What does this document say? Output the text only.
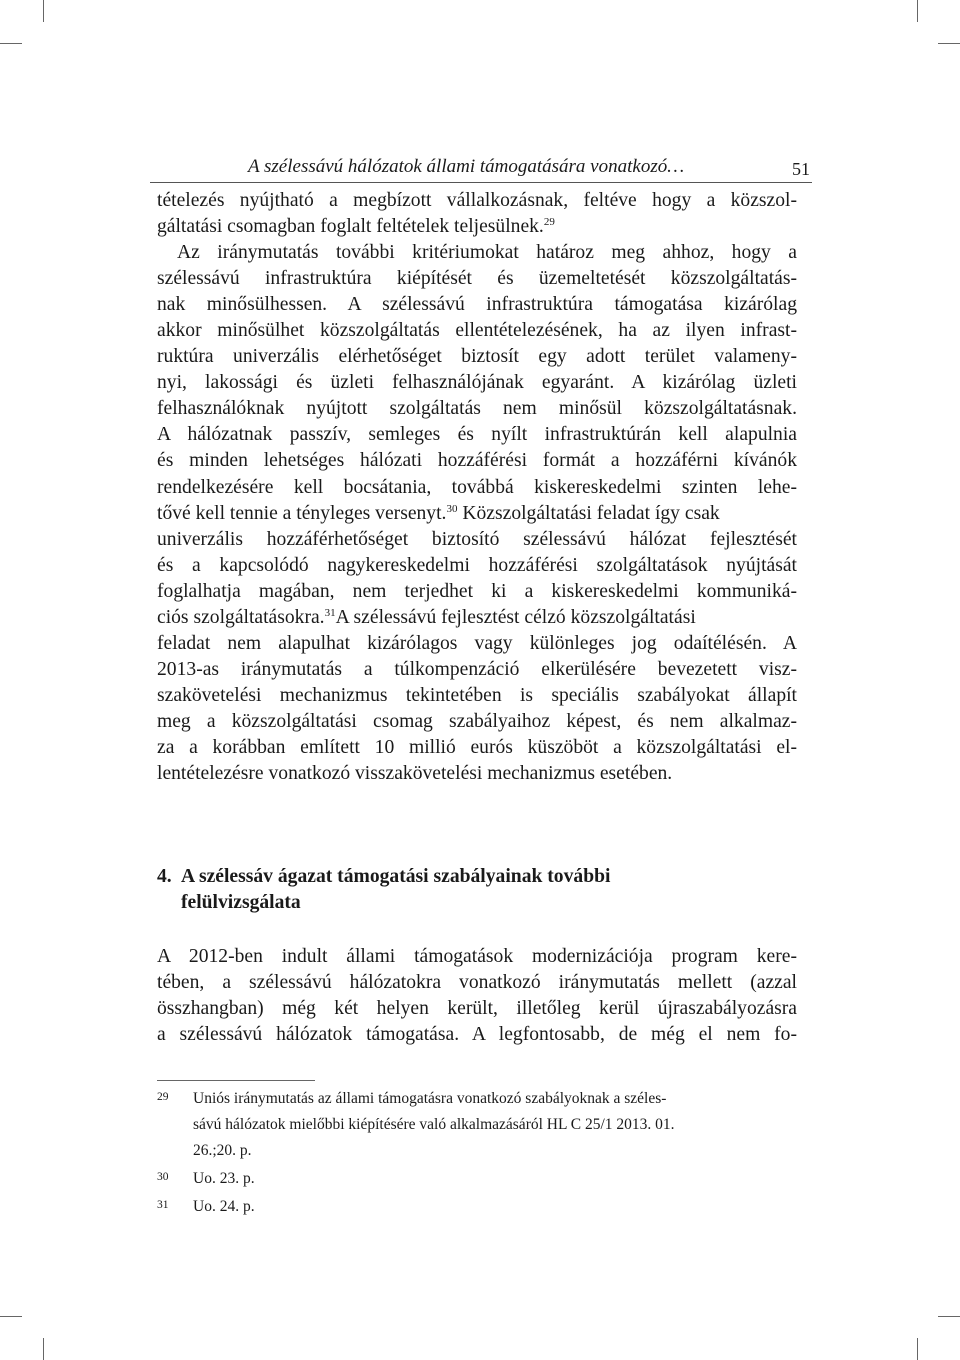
A szélessávú hálózatok állami támogatására vonatkozó…	51
tételezés nyújtható a megbízott vállalkozásnak, feltéve hogy a közszol-
gáltatási csomagban foglalt feltételek teljesülnek.$^{29}$
Az iránymutatás további kritériumokat határoz meg ahhoz, hogy a
szélessávú infrastruktúra kiépítését és üzemeltetését közszolgáltatás-
nak minősülhessen. A szélessávú infrastruktúra támogatása kizárólag
akkor minősülhet közszolgáltatás ellentételezésének, ha az ilyen infrast-
ruktúra univerzális elérhetőséget biztosít egy adott terület valameny-
nyi, lakossági és üzleti felhasználójának egyaránt. A kizárólag üzleti
felhasználóknak nyújtott szolgáltatás nem minősül közszolgáltatásnak.
A hálózatnak passzív, semleges és nyílt infrastruktúrán kell alapulnia
és minden lehetséges hálózati hozzáférési formát a hozzáférni kívánók
rendelkezésére kell bocsátania, továbbá kiskereskedelmi szinten lehe-
tővé kell tennie a tényleges versenyt.$^{30}$ Közszolgáltatási feladat így csak
univerzális hozzáférhetőséget biztosító szélessávú hálózat fejlesztését
és a kapcsolódó nagykereskedelmi hozzáférési szolgáltatások nyújtását
foglalhatja magában, nem terjedhet ki a kiskereskedelmi kommuniká-
ciós szolgáltatásokra.$^{31}$A szélessávú fejlesztést célzó közszolgáltatási
feladat nem alapulhat kizárólagos vagy különleges jog odaítélésén. A
2013-as iránymutatás a túlkompenzáció elkerülésére bevezetett visz-
szakövetelési mechanizmus tekintetében is speciális szabályokat állapít
meg a közszolgáltatási csomag szabályaihoz képest, és nem alkalmaz-
za a korábban említett 10 millió eurós küszöböt a közszolgáltatási el-
lentételezésre vonatkozó visszakövetelési mechanizmus esetében.
4. A szélessáv ágazat támogatási szabályainak további
felülvizsgálata
A 2012-ben indult állami támogatások modernizációja program kere-
tében, a szélessávú hálózatokra vonatkozó iránymutatás mellett (azzal
összhangban) még két helyen került, illetőleg kerül újraszabályozásra
a szélessávú hálózatok támogatása. A legfontosabb, de még el nem fo-
29 Uniós iránymutatás az állami támogatásra vonatkozó szabályoknak a széles-
sávú hálózatok mielőbbi kiépítésére való alkalmazásáról HL C 25/1 2013. 01.
26.;20. p.
30 Uo. 23. p.
31 Uo. 24. p.
